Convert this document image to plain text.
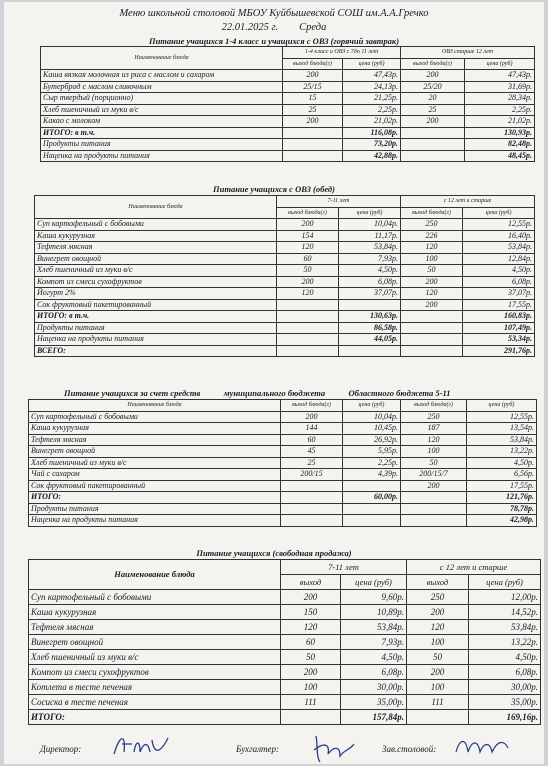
Меню школьной столовой МБОУ Куйбышевской СОШ им.А.А.Гречко
22.01.2025 г. Среда
Питание учащихся 1-4 класс и учащихся с ОВЗ (горячий завтрак)
Наименование блюда	1-4 класс и ОВЗ с 7до 11 лет		ОВЗ старше 12 лет	
	выход блюда(г)	цена (руб)	выход блюда(г)	цена (руб)
Каша вязкая молочная из риса с маслом и сахаром	200	47,43р.	200	47,43р.
Бутерброд с маслом сливочным	25/15	24,13р.	25/20	31,69р.
Сыр твердый (порционно)	15	21,25р.	20	28,34р.
Хлеб пшеничный из муки в/с	25	2,25р.	25	2,25р.
Какао с молоком	200	21,02р.	200	21,02р.
ИТОГО: в т.ч.		116,08р.		130,93р.
Продукты питания		73,20р.		82,48р.
Наценка на продукты питания		42,88р.		48,45р.
Питание учащихся с ОВЗ (обед)
Наименование блюда	7-11 лет		с 12 лет и старше	
	выход блюда(г)	цена (руб)	выход блюда(г)	цена (руб)
Суп картофельный с бобовыми	200	10,04р.	250	12,55р.
Каша кукурузная	154	11,17р.	226	16,40р.
Тефтеля мясная	120	53,84р.	120	53,84р.
Винегрет овощной	60	7,93р.	100	12,84р.
Хлеб пшеничный из муки в/с	50	4,50р.	50	4,50р.
Компот из смеси сухофруктов	200	6,08р.	200	6,08р.
Йогурт 2%	120	37,07р.	120	37,07р.
Сок фруктовый пакетированный			200	17,55р.
ИТОГО: в т.ч.		130,63р.		160,83р.
Продукты питания		86,58р.		107,49р.
Наценка на продукты питания		44,05р.		53,34р.
ВСЕГО:				291,76р.
Питание учащихся за счет средств	муниципального бюджета	Областного бюджета 5-11
Наименование блюда	выход блюда(г)	цена (руб)	выход блюда(г)	цена (руб)
Суп картофельный с бобовыми	200	10,04р.	250	12,55р.
Каша кукурузная	144	10,45р.	187	13,54р.
Тефтеля мясная	60	26,92р.	120	53,84р.
Винегрет овощной	45	5,95р.	100	13,22р.
Хлеб пшеничный из муки в/с	25	2,25р.	50	4,50р.
Чай с сахаром	200/15	4,39р.	200/15/7	6,56р.
Сок фруктовый пакетированный			200	17,55р.
ИТОГО:		60,00р.		121,76р.
Продукты питания				78,78р.
Наценка на продукты питания				42,98р.
Питание учащихся (свободная продажа)
Наименование блюда	7-11 лет		с 12 лет и старше	
	выход	цена (руб)	выход	цена (руб)
Суп картофельный с бобовыми	200	9,60р.	250	12,00р.
Каша кукурузная	150	10,89р.	200	14,52р.
Тефтеля мясная	120	53,84р.	120	53,84р.
Винегрет овощной	60	7,93р.	100	13,22р.
Хлеб пшеничный из муки в/с	50	4,50р.	50	4,50р.
Компот из смеси сухофруктов	200	6,08р.	200	6,08р.
Котлета в тесте печеная	100	30,00р.	100	30,00р.
Сосиска в тесте печеная	111	35,00р.	111	35,00р.
ИТОГО:		157,84р.		169,16р.
Директор:	Бухгалтер:	Зав.столовой:
